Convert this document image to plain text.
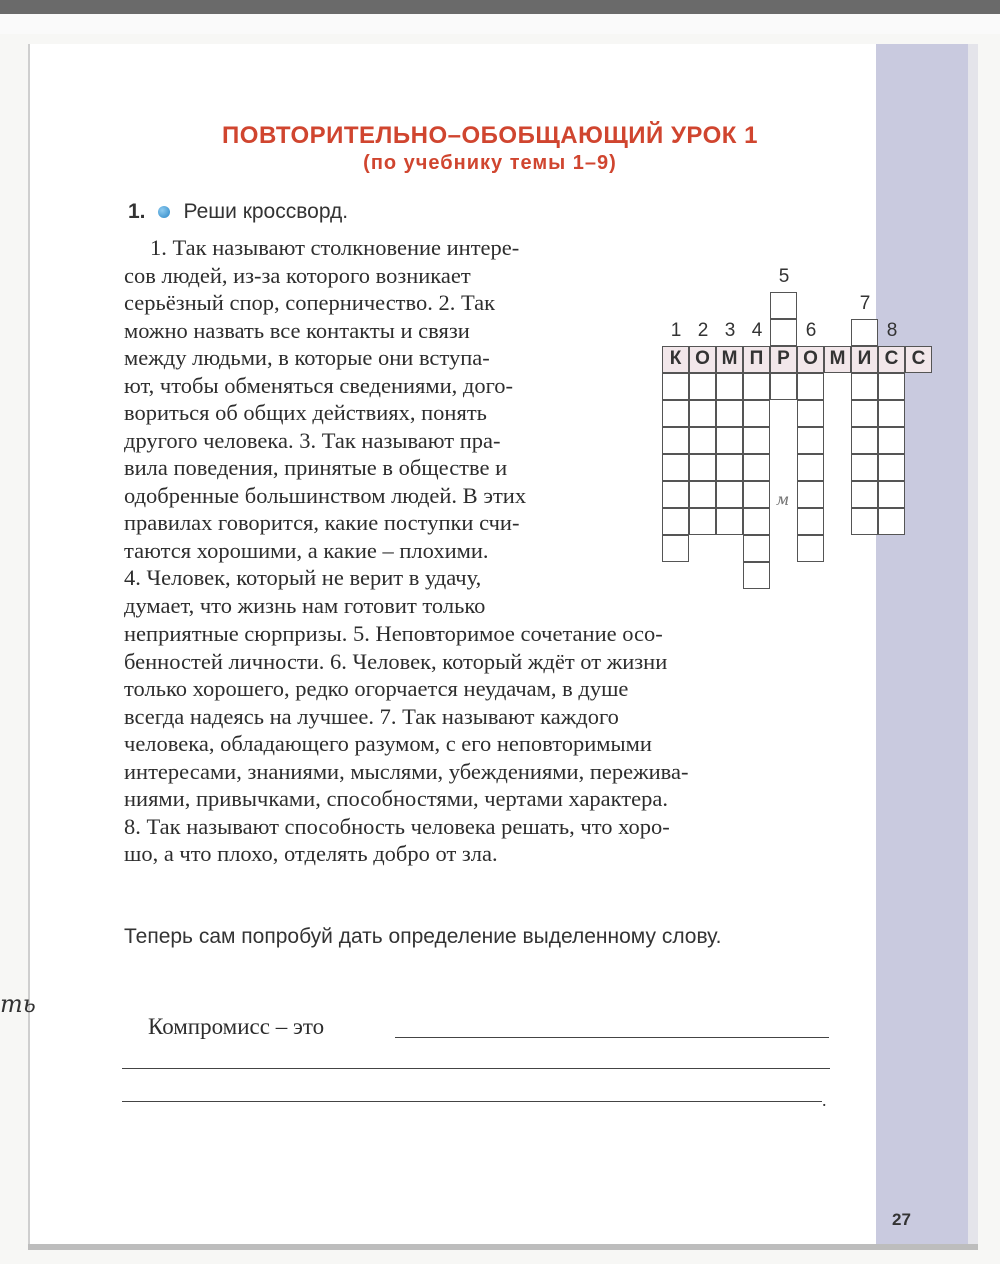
ПОВТОРИТЕЛЬНО–ОБОБЩАЮЩИЙ УРОК 1
(по учебнику темы 1–9)
1. Реши кроссворд.
1. Так называют столкновение интере-
сов людей, из-за которого возникает
серьёзный спор, соперничество. 2. Так
можно назвать все контакты и связи
между людьми, в которые они вступа-
ют, чтобы обменяться сведениями, дого-
вориться об общих действиях, понять
другого человека. 3. Так называют пра-
вила поведения, принятые в обществе и
одобренные большинством людей. В этих
правилах говорится, какие поступки счи-
таются хорошими, а какие – плохими.
4. Человек, который не верит в удачу,
думает, что жизнь нам готовит только
неприятные сюрпризы. 5. Неповторимое сочетание осо-
бенностей личности. 6. Человек, который ждёт от жизни
только хорошего, редко огорчается неудачам, в душе
всегда надеясь на лучшее. 7. Так называют каждого
человека, обладающего разумом, с его неповторимыми
интересами, знаниями, мыслями, убеждениями, пережива-
ниями, привычками, способностями, чертами характера.
8. Так называют способность человека решать, что хоро-
шо, а что плохо, отделять добро от зла.
К О М П Р О М И С С
1 2 3 4
5
6
7
8
м
Теперь сам попробуй дать определение выделенному слову.
Компромисс – это
.
ть
27
